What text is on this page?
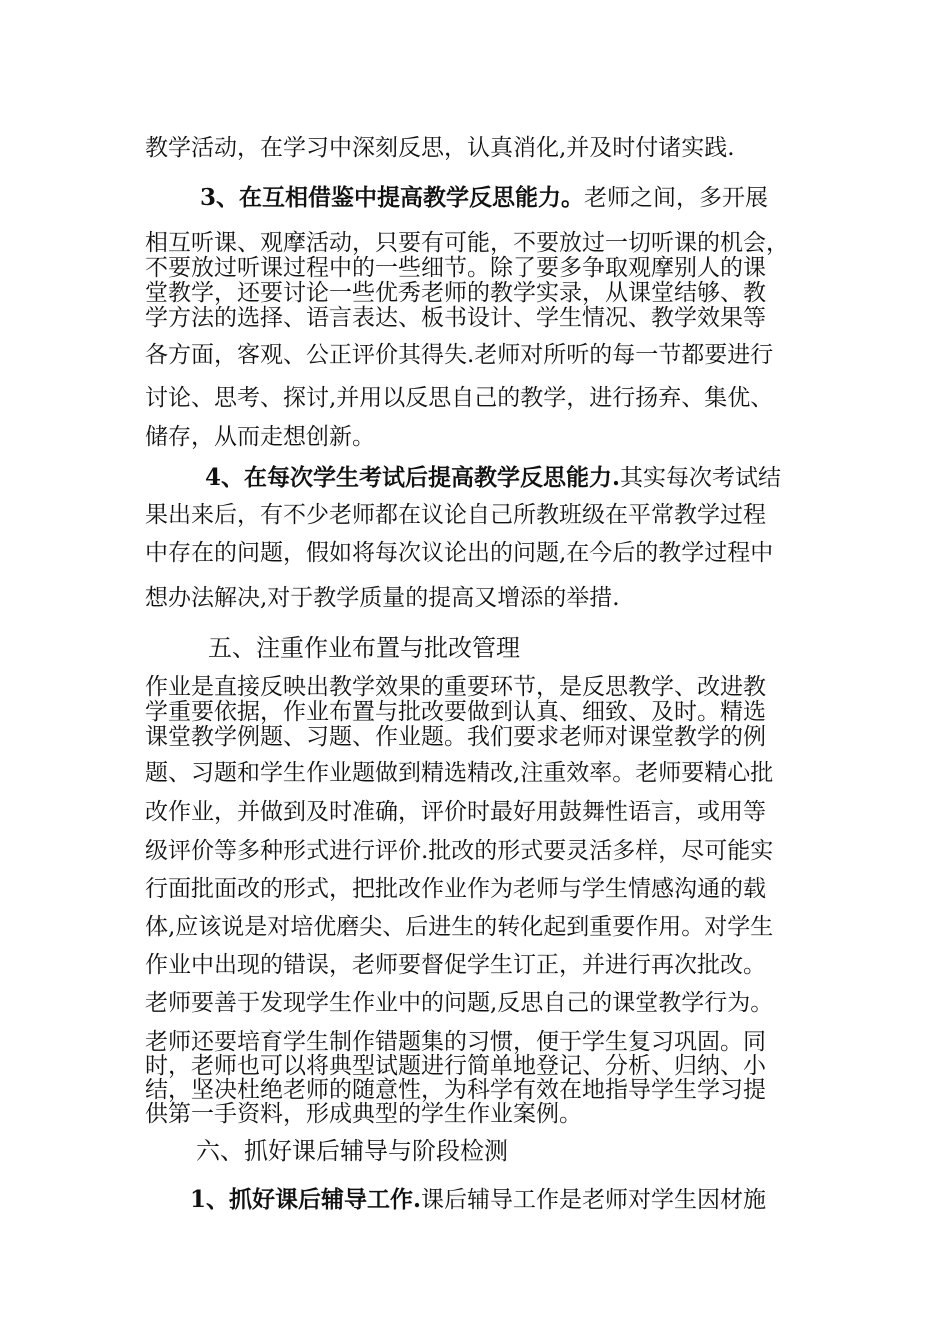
教学活动，在学习中深刻反思，认真消化,并及时付诸实践.
3、在互相借鉴中提高教学反思能力。老师之间，多开展
相互听课、观摩活动，只要有可能，不要放过一切听课的机会，
不要放过听课过程中的一些细节。除了要多争取观摩别人的课
堂教学，还要讨论一些优秀老师的教学实录，从课堂结够、教
学方法的选择、语言表达、板书设计、学生情况、教学效果等
各方面，客观、公正评价其得失.老师对所听的每一节都要进行
讨论、思考、探讨,并用以反思自己的教学，进行扬弃、集优、
储存，从而走想创新。
4、在每次学生考试后提高教学反思能力.其实每次考试结
果出来后，有不少老师都在议论自己所教班级在平常教学过程
中存在的问题，假如将每次议论出的问题,在今后的教学过程中
想办法解决,对于教学质量的提高又增添的举措.
五、注重作业布置与批改管理
作业是直接反映出教学效果的重要环节，是反思教学、改进教
学重要依据，作业布置与批改要做到认真、细致、及时。精选
课堂教学例题、习题、作业题。我们要求老师对课堂教学的例
题、习题和学生作业题做到精选精改,注重效率。老师要精心批
改作业，并做到及时准确，评价时最好用鼓舞性语言，或用等
级评价等多种形式进行评价.批改的形式要灵活多样，尽可能实
行面批面改的形式，把批改作业作为老师与学生情感沟通的载
体,应该说是对培优磨尖、后进生的转化起到重要作用。对学生
作业中出现的错误，老师要督促学生订正，并进行再次批改。
老师要善于发现学生作业中的问题,反思自己的课堂教学行为。
老师还要培育学生制作错题集的习惯，便于学生复习巩固。同
时，老师也可以将典型试题进行简单地登记、分析、归纳、小
结，坚决杜绝老师的随意性，为科学有效在地指导学生学习提
供第一手资料，形成典型的学生作业案例。
六、抓好课后辅导与阶段检测
1、抓好课后辅导工作.课后辅导工作是老师对学生因材施
